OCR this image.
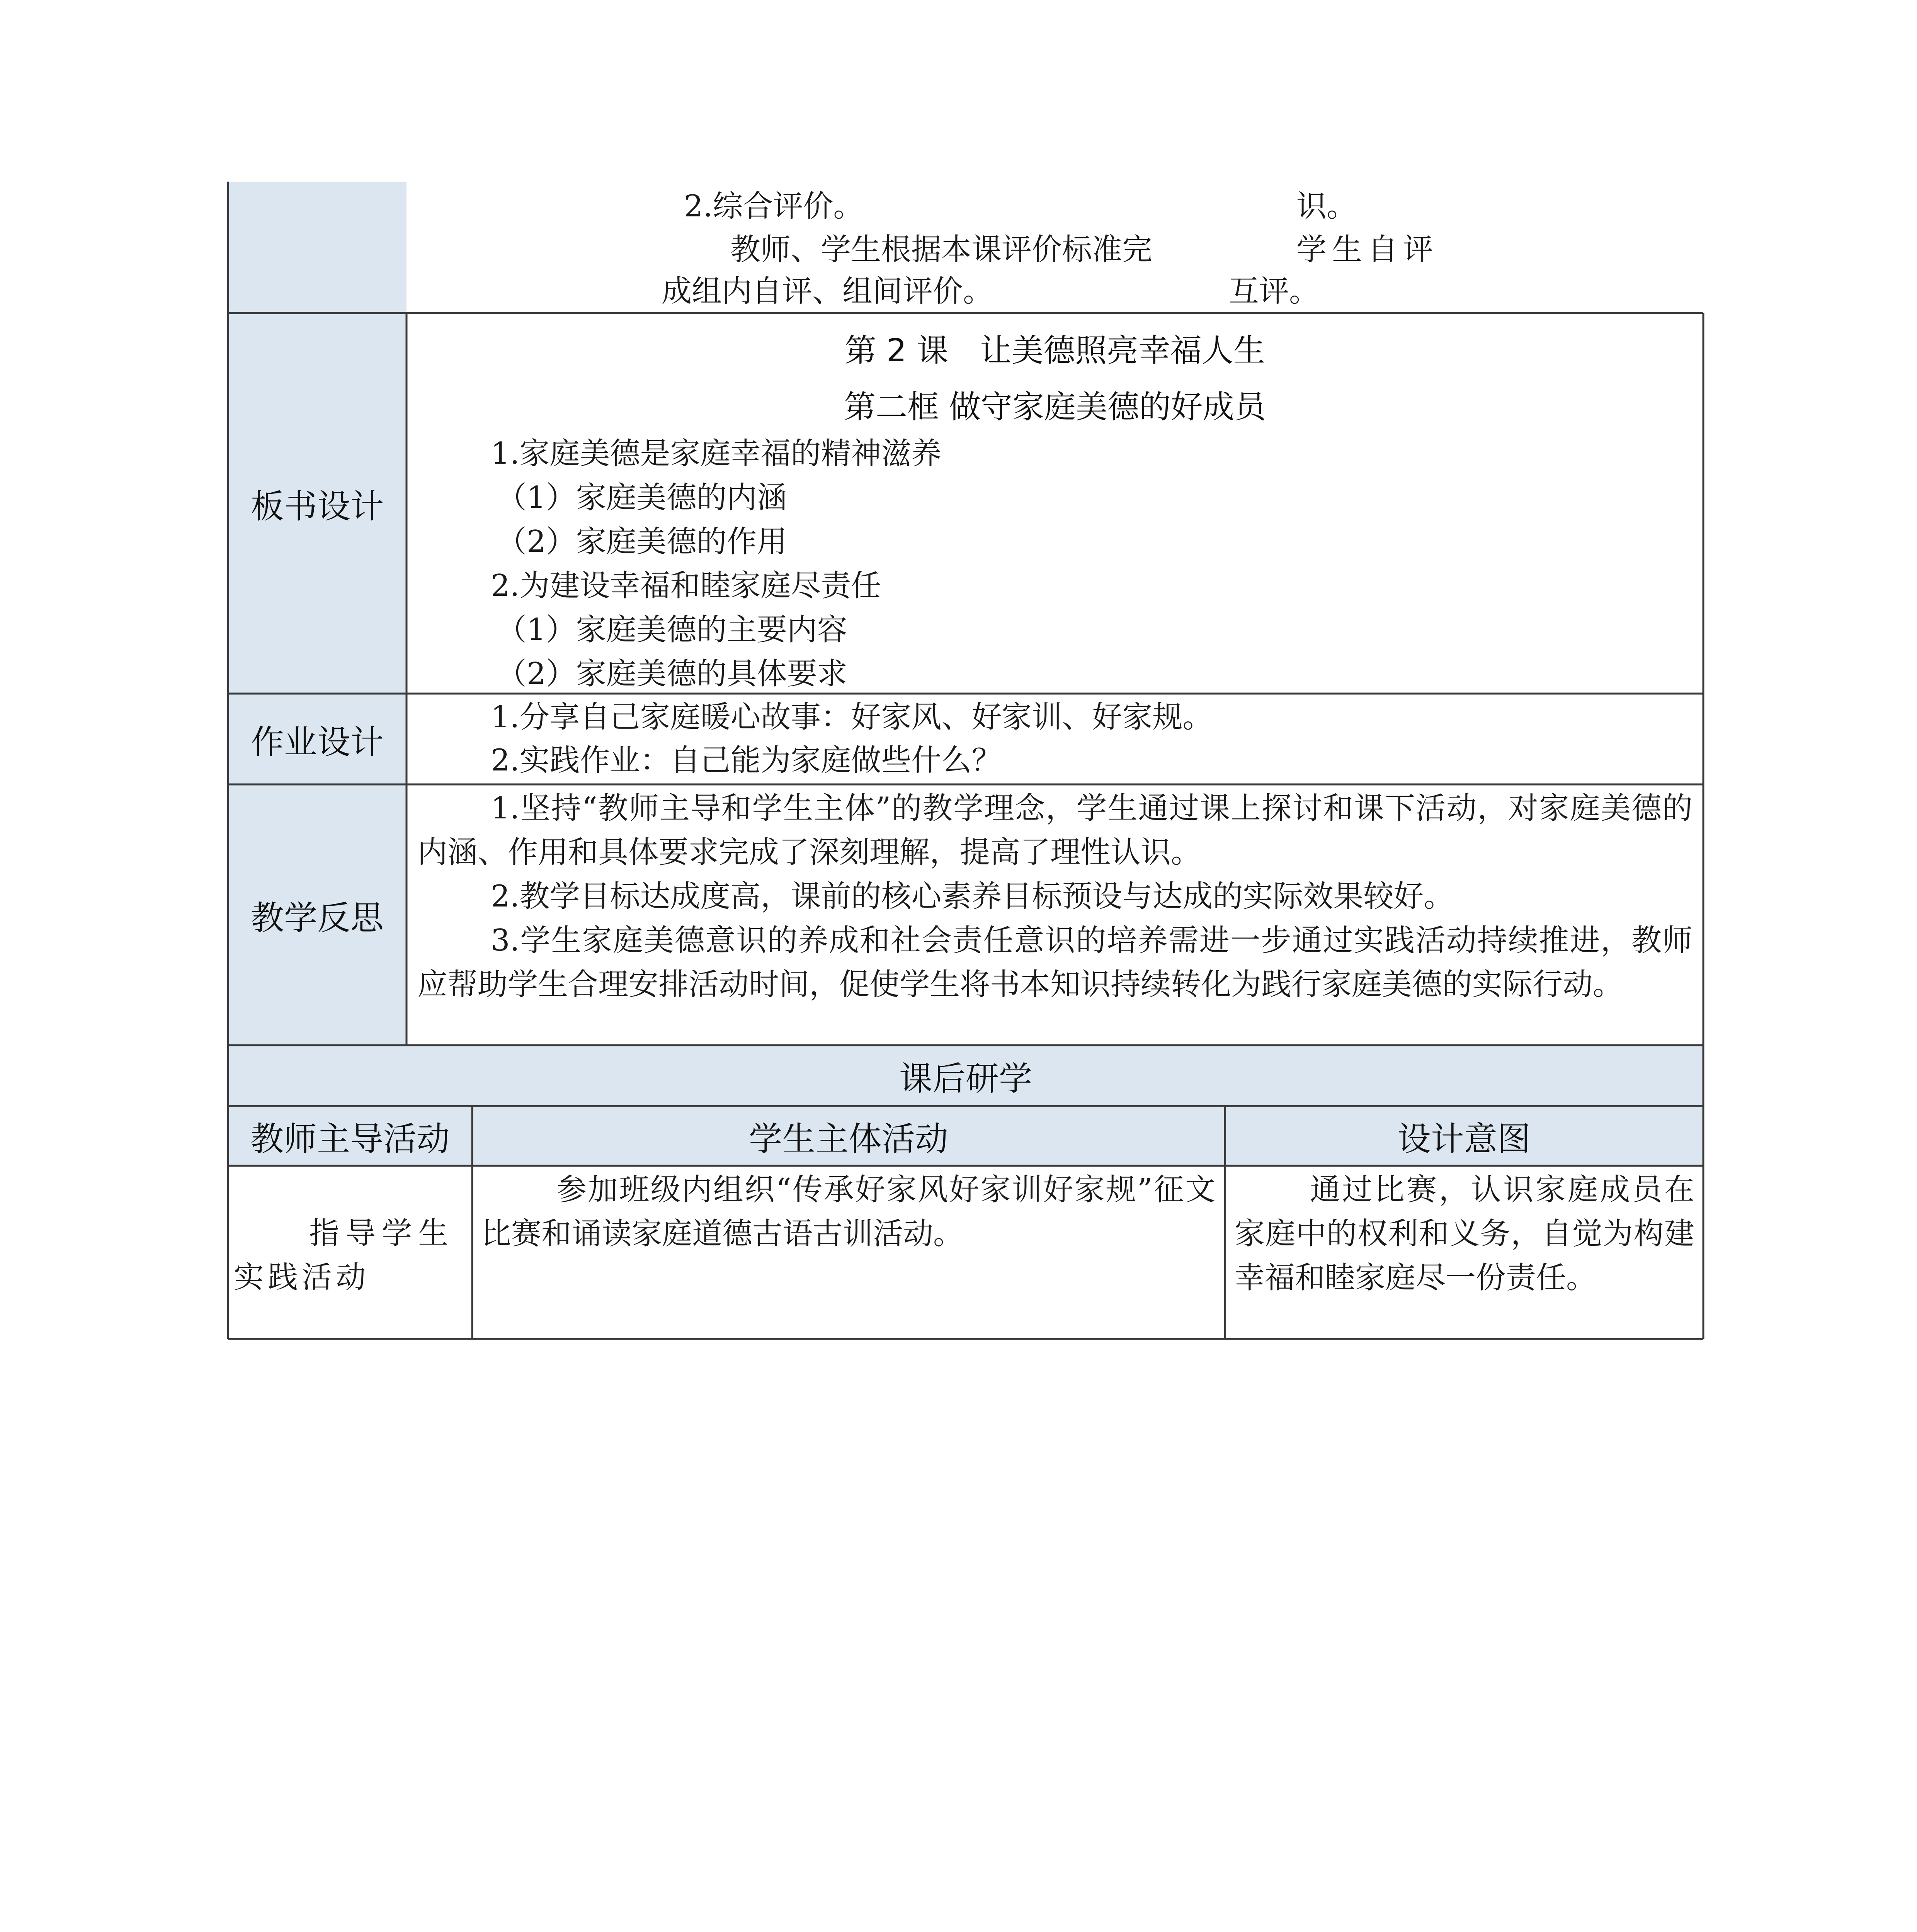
2.综合评价。
教师、学生根据本课评价标准完
成组内自评、组间评价。
识。
学生自评
互评。
板书设计
第 2 课　让美德照亮幸福人生
第二框 做守家庭美德的好成员
1.家庭美德是家庭幸福的精神滋养
（1）家庭美德的内涵
（2）家庭美德的作用
2.为建设幸福和睦家庭尽责任
（1）家庭美德的主要内容
（2）家庭美德的具体要求
作业设计
1.分享自己家庭暖心故事：好家风、好家训、好家规。
2.实践作业：自己能为家庭做些什么？
教学反思
1.坚持“教师主导和学生主体”的教学理念，学生通过课上探讨和课下活动，对家庭美德的内涵、作用和具体要求完成了深刻理解，提高了理性认识。
2.教学目标达成度高，课前的核心素养目标预设与达成的实际效果较好。
3.学生家庭美德意识的养成和社会责任意识的培养需进一步通过实践活动持续推进，教师应帮助学生合理安排活动时间，促使学生将书本知识持续转化为践行家庭美德的实际行动。
课后研学
教师主导活动	学生主体活动	设计意图
指导学生实践活动
参加班级内组织“传承好家风好家训好家规”征文比赛和诵读家庭道德古语古训活动。
通过比赛，认识家庭成员在家庭中的权利和义务，自觉为构建幸福和睦家庭尽一份责任。
